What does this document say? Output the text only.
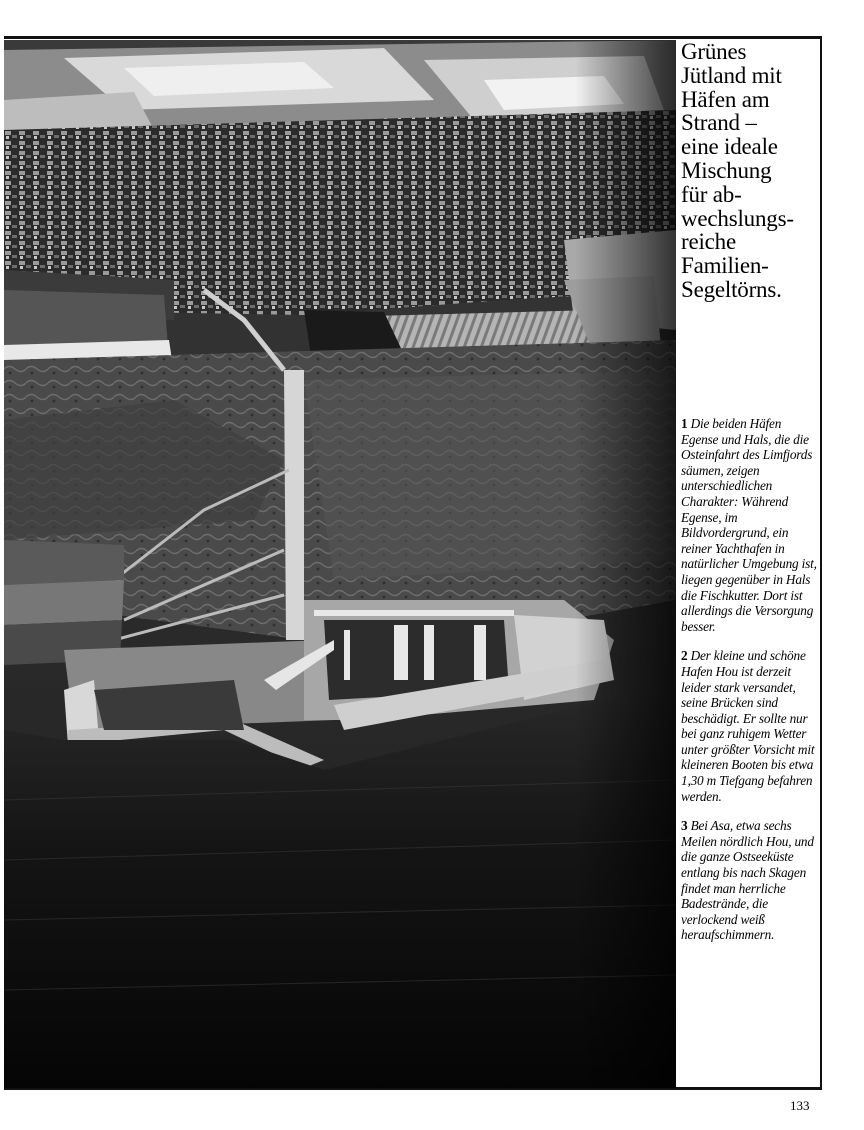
Grünes
Jütland mit
Häfen am
Strand –
eine ideale
Mischung
für ab-
wechslungs-
reiche
Familien-
Segeltörns.

1 Die beiden Häfen Egense und Hals, die die Osteinfahrt des Limfjords säumen, zeigen unterschiedlichen Charakter: Während Egense, im Bildvordergrund, ein reiner Yachthafen in natürlicher Umgebung ist, liegen gegenüber in Hals die Fischkutter. Dort ist allerdings die Versorgung besser.

2 Der kleine und schöne Hafen Hou ist derzeit leider stark versandet, seine Brücken sind beschädigt. Er sollte nur bei ganz ruhigem Wetter unter größter Vorsicht mit kleineren Booten bis etwa 1,30 m Tiefgang befahren werden.

3 Bei Asa, etwa sechs Meilen nördlich Hou, und die ganze Ostseeküste entlang bis nach Skagen findet man herrliche Badestrände, die verlockend weiß heraufschimmern.

133
